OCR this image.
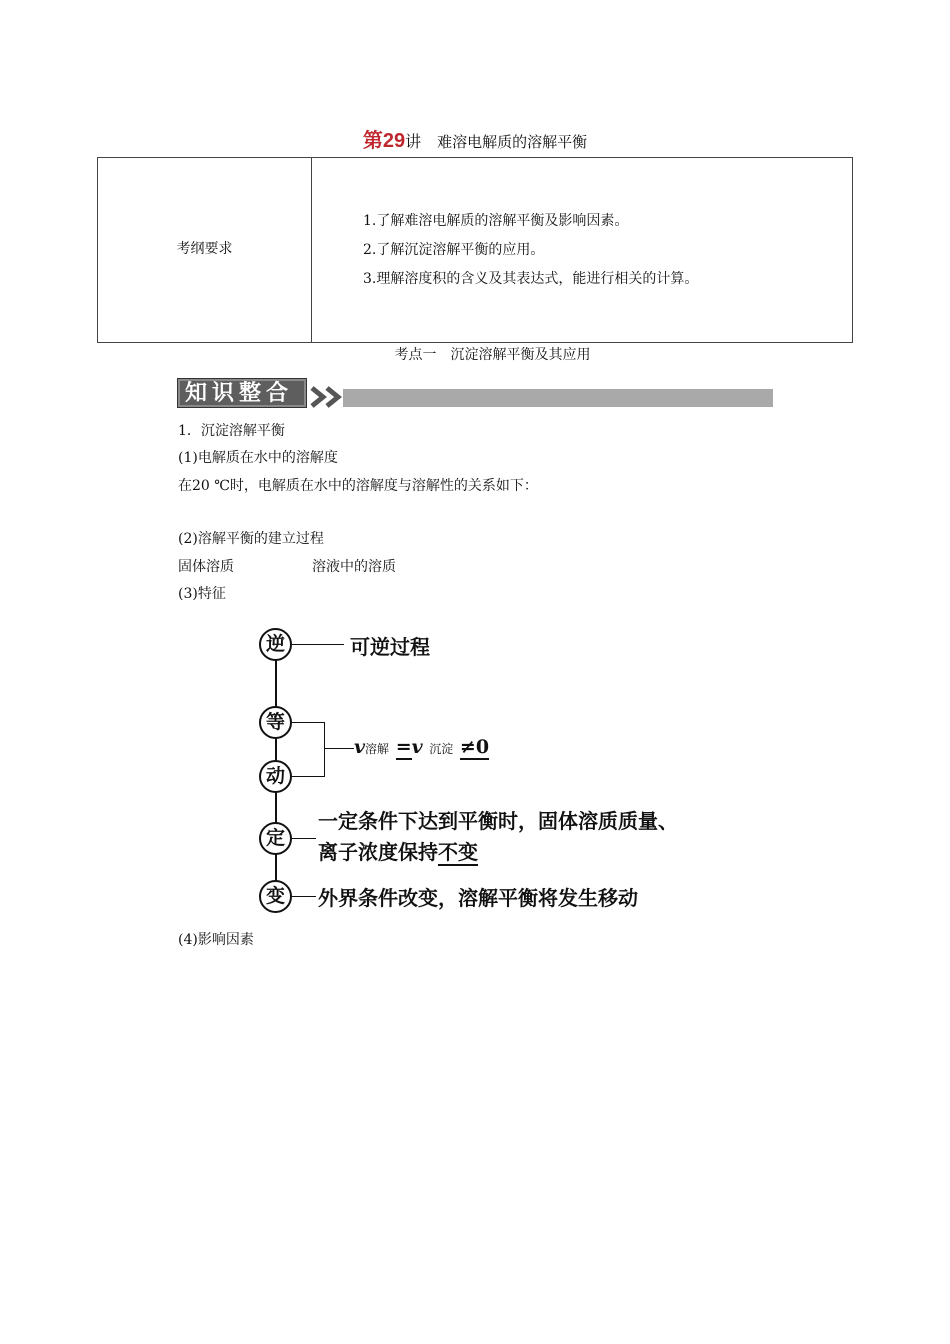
第29讲 难溶电解质的溶解平衡
考纲要求
1.了解难溶电解质的溶解平衡及影响因素。
2.了解沉淀溶解平衡的应用。
3.理解溶度积的含义及其表达式，能进行相关的计算。
考点一　沉淀溶解平衡及其应用
知识整合
1．沉淀溶解平衡
(1)电解质在水中的溶解度
在20 ℃时，电解质在水中的溶解度与溶解性的关系如下：
(2)溶解平衡的建立过程
固体溶质	溶液中的溶质
(3)特征
(4)影响因素
逆	可逆过程
等
动
v溶解 =v 沉淀 ≠0
定
一定条件下达到平衡时，固体溶质质量、
离子浓度保持不变
变	外界条件改变，溶解平衡将发生移动
